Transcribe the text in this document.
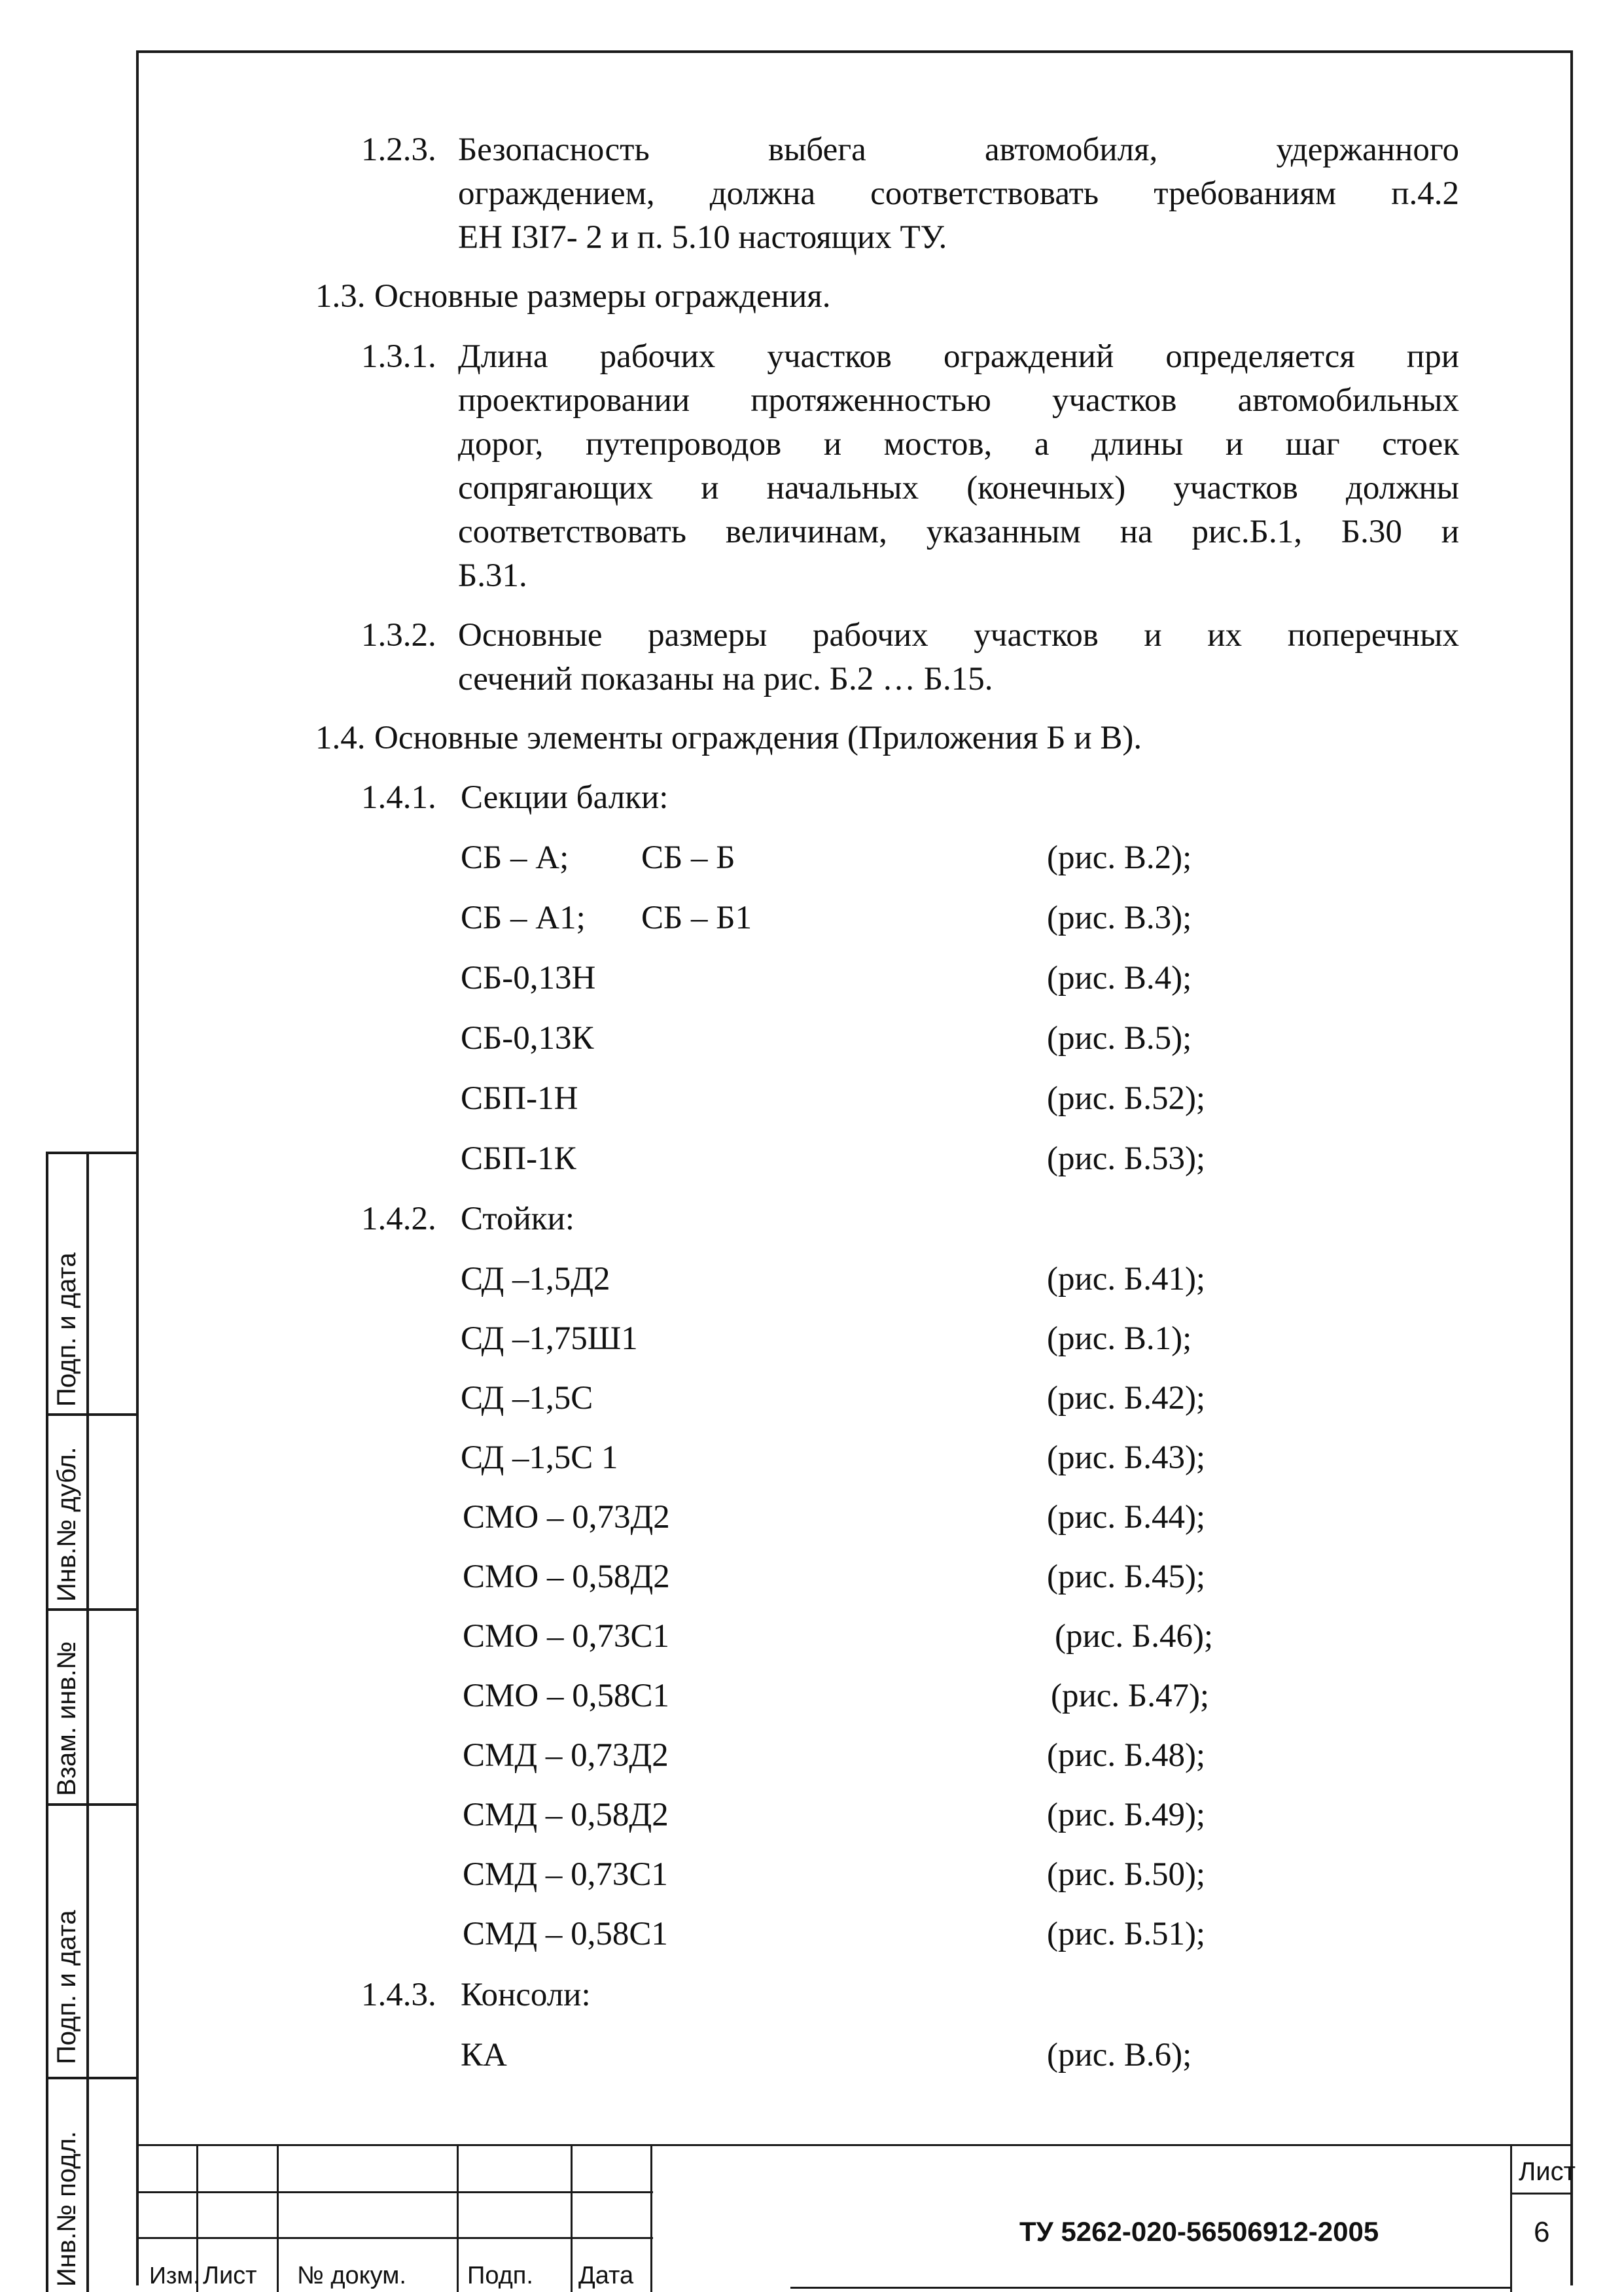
1.2.3. Безопасность выбега автомобиля, удержанного
ограждением, должна соответствовать требованиям п.4.2
ЕН I3I7- 2 и п. 5.10 настоящих ТУ.
1.3. Основные размеры ограждения.
1.3.1. Длина рабочих участков ограждений определяется при
проектировании протяженностью участков автомобильных
дорог, путепроводов и мостов, а длины и шаг стоек
сопрягающих и начальных (конечных) участков должны
соответствовать величинам, указанным на рис.Б.1, Б.30 и
Б.31.
1.3.2. Основные размеры рабочих участков и их поперечных
сечений показаны на рис. Б.2 … Б.15.
1.4. Основные элементы ограждения (Приложения Б и В).
1.4.1. Секции балки:
СБ – А; СБ – Б	(рис. В.2);
СБ – А1; СБ – Б1	(рис. В.3);
СБ-0,13Н	(рис. В.4);
СБ-0,13К	(рис. В.5);
СБП-1Н	(рис. Б.52);
СБП-1К	(рис. Б.53);
1.4.2. Стойки:
СД –1,5Д2	(рис. Б.41);
СД –1,75Ш1	(рис. В.1);
СД –1,5С	(рис. Б.42);
СД –1,5С 1	(рис. Б.43);
СМО – 0,73Д2	(рис. Б.44);
СМО – 0,58Д2	(рис. Б.45);
СМО – 0,73С1	(рис. Б.46);
СМО – 0,58С1	(рис. Б.47);
СМД – 0,73Д2	(рис. Б.48);
СМД – 0,58Д2	(рис. Б.49);
СМД – 0,73С1	(рис. Б.50);
СМД – 0,58С1	(рис. Б.51);
1.4.3. Консоли:
КА	(рис. В.6);
Инв.№ подл.
Подп. и дата
Взам. инв.№
Инв.№ дубл.
Подп. и дата
Изм. Лист № докум. Подп. Дата
ТУ 5262-020-56506912-2005
Лист
6
